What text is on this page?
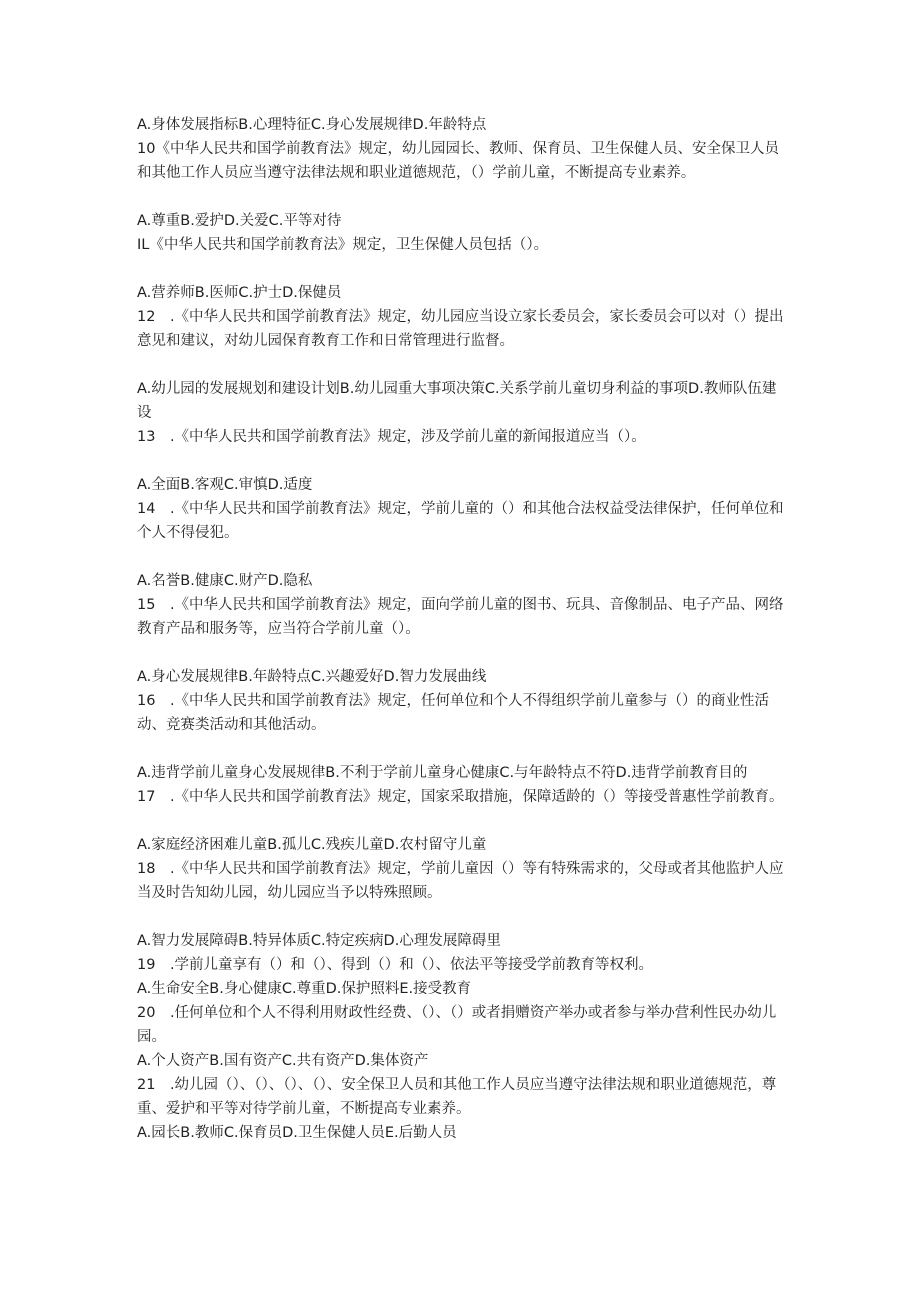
A.身体发展指标B.心理特征C.身心发展规律D.年龄特点

10《中华人民共和国学前教育法》规定，幼儿园园长、教师、保育员、卫生保健人员、安全保卫人员和其他工作人员应当遵守法律法规和职业道德规范，（）学前儿童，不断提高专业素养。

A.尊重B.爱护D.关爱C.平等对待

IL《中华人民共和国学前教育法》规定，卫生保健人员包括（）。

A.营养师B.医师C.护士D.保健员

12　.《中华人民共和国学前教育法》规定，幼儿园应当设立家长委员会，家长委员会可以对（）提出意见和建议，对幼儿园保育教育工作和日常管理进行监督。

A.幼儿园的发展规划和建设计划B.幼儿园重大事项决策C.关系学前儿童切身利益的事项D.教师队伍建设

13　.《中华人民共和国学前教育法》规定，涉及学前儿童的新闻报道应当（）。

A.全面B.客观C.审慎D.适度

14　.《中华人民共和国学前教育法》规定，学前儿童的（）和其他合法权益受法律保护，任何单位和个人不得侵犯。

A.名誉B.健康C.财产D.隐私

15　.《中华人民共和国学前教育法》规定，面向学前儿童的图书、玩具、音像制品、电子产品、网络教育产品和服务等，应当符合学前儿童（）。

A.身心发展规律B.年龄特点C.兴趣爱好D.智力发展曲线

16　.《中华人民共和国学前教育法》规定，任何单位和个人不得组织学前儿童参与（）的商业性活动、竞赛类活动和其他活动。

A.违背学前儿童身心发展规律B.不利于学前儿童身心健康C.与年龄特点不符D.违背学前教育目的

17　.《中华人民共和国学前教育法》规定，国家采取措施，保障适龄的（）等接受普惠性学前教育。

A.家庭经济困难儿童B.孤儿C.残疾儿童D.农村留守儿童

18　.《中华人民共和国学前教育法》规定，学前儿童因（）等有特殊需求的，父母或者其他监护人应当及时告知幼儿园，幼儿园应当予以特殊照顾。

A.智力发展障碍B.特异体质C.特定疾病D.心理发展障碍里

19　.学前儿童享有（）和（）、得到（）和（）、依法平等接受学前教育等权利。

A.生命安全B.身心健康C.尊重D.保护照料E.接受教育

20　.任何单位和个人不得利用财政性经费、（）、（）或者捐赠资产举办或者参与举办营利性民办幼儿园。

A.个人资产B.国有资产C.共有资产D.集体资产

21　.幼儿园（）、（）、（）、（）、安全保卫人员和其他工作人员应当遵守法律法规和职业道德规范，尊重、爱护和平等对待学前儿童，不断提高专业素养。

A.园长B.教师C.保育员D.卫生保健人员E.后勤人员
